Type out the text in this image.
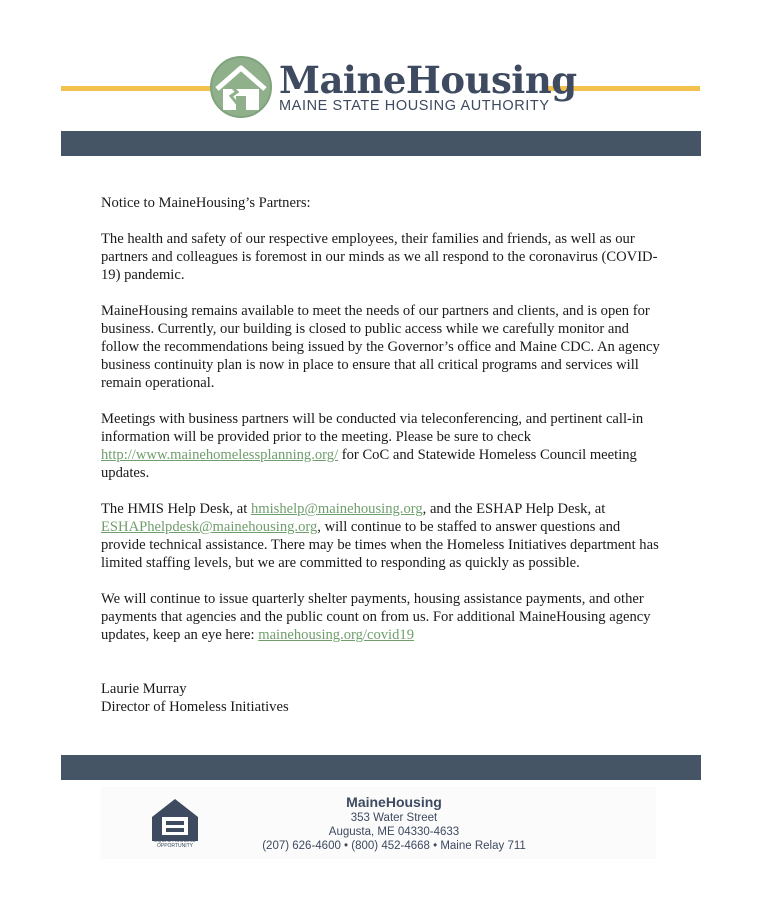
MaineHousing
MAINE STATE HOUSING AUTHORITY

Notice to MaineHousing’s Partners:

The health and safety of our respective employees, their families and friends, as well as our partners and colleagues is foremost in our minds as we all respond to the coronavirus (COVID-19) pandemic.

MaineHousing remains available to meet the needs of our partners and clients, and is open for business. Currently, our building is closed to public access while we carefully monitor and follow the recommendations being issued by the Governor’s office and Maine CDC. An agency business continuity plan is now in place to ensure that all critical programs and services will remain operational.

Meetings with business partners will be conducted via teleconferencing, and pertinent call-in information will be provided prior to the meeting. Please be sure to check http://www.mainehomelessplanning.org/ for CoC and Statewide Homeless Council meeting updates.

The HMIS Help Desk, at hmishelp@mainehousing.org, and the ESHAP Help Desk, at ESHAPhelpdesk@mainehousing.org, will continue to be staffed to answer questions and provide technical assistance. There may be times when the Homeless Initiatives department has limited staffing levels, but we are committed to responding as quickly as possible.

We will continue to issue quarterly shelter payments, housing assistance payments, and other payments that agencies and the public count on from us. For additional MaineHousing agency updates, keep an eye here: mainehousing.org/covid19

Laurie Murray
Director of Homeless Initiatives
EQUAL HOUSING OPPORTUNITY
MaineHousing
353 Water Street
Augusta, ME 04330-4633
(207) 626-4600 • (800) 452-4668 • Maine Relay 711
